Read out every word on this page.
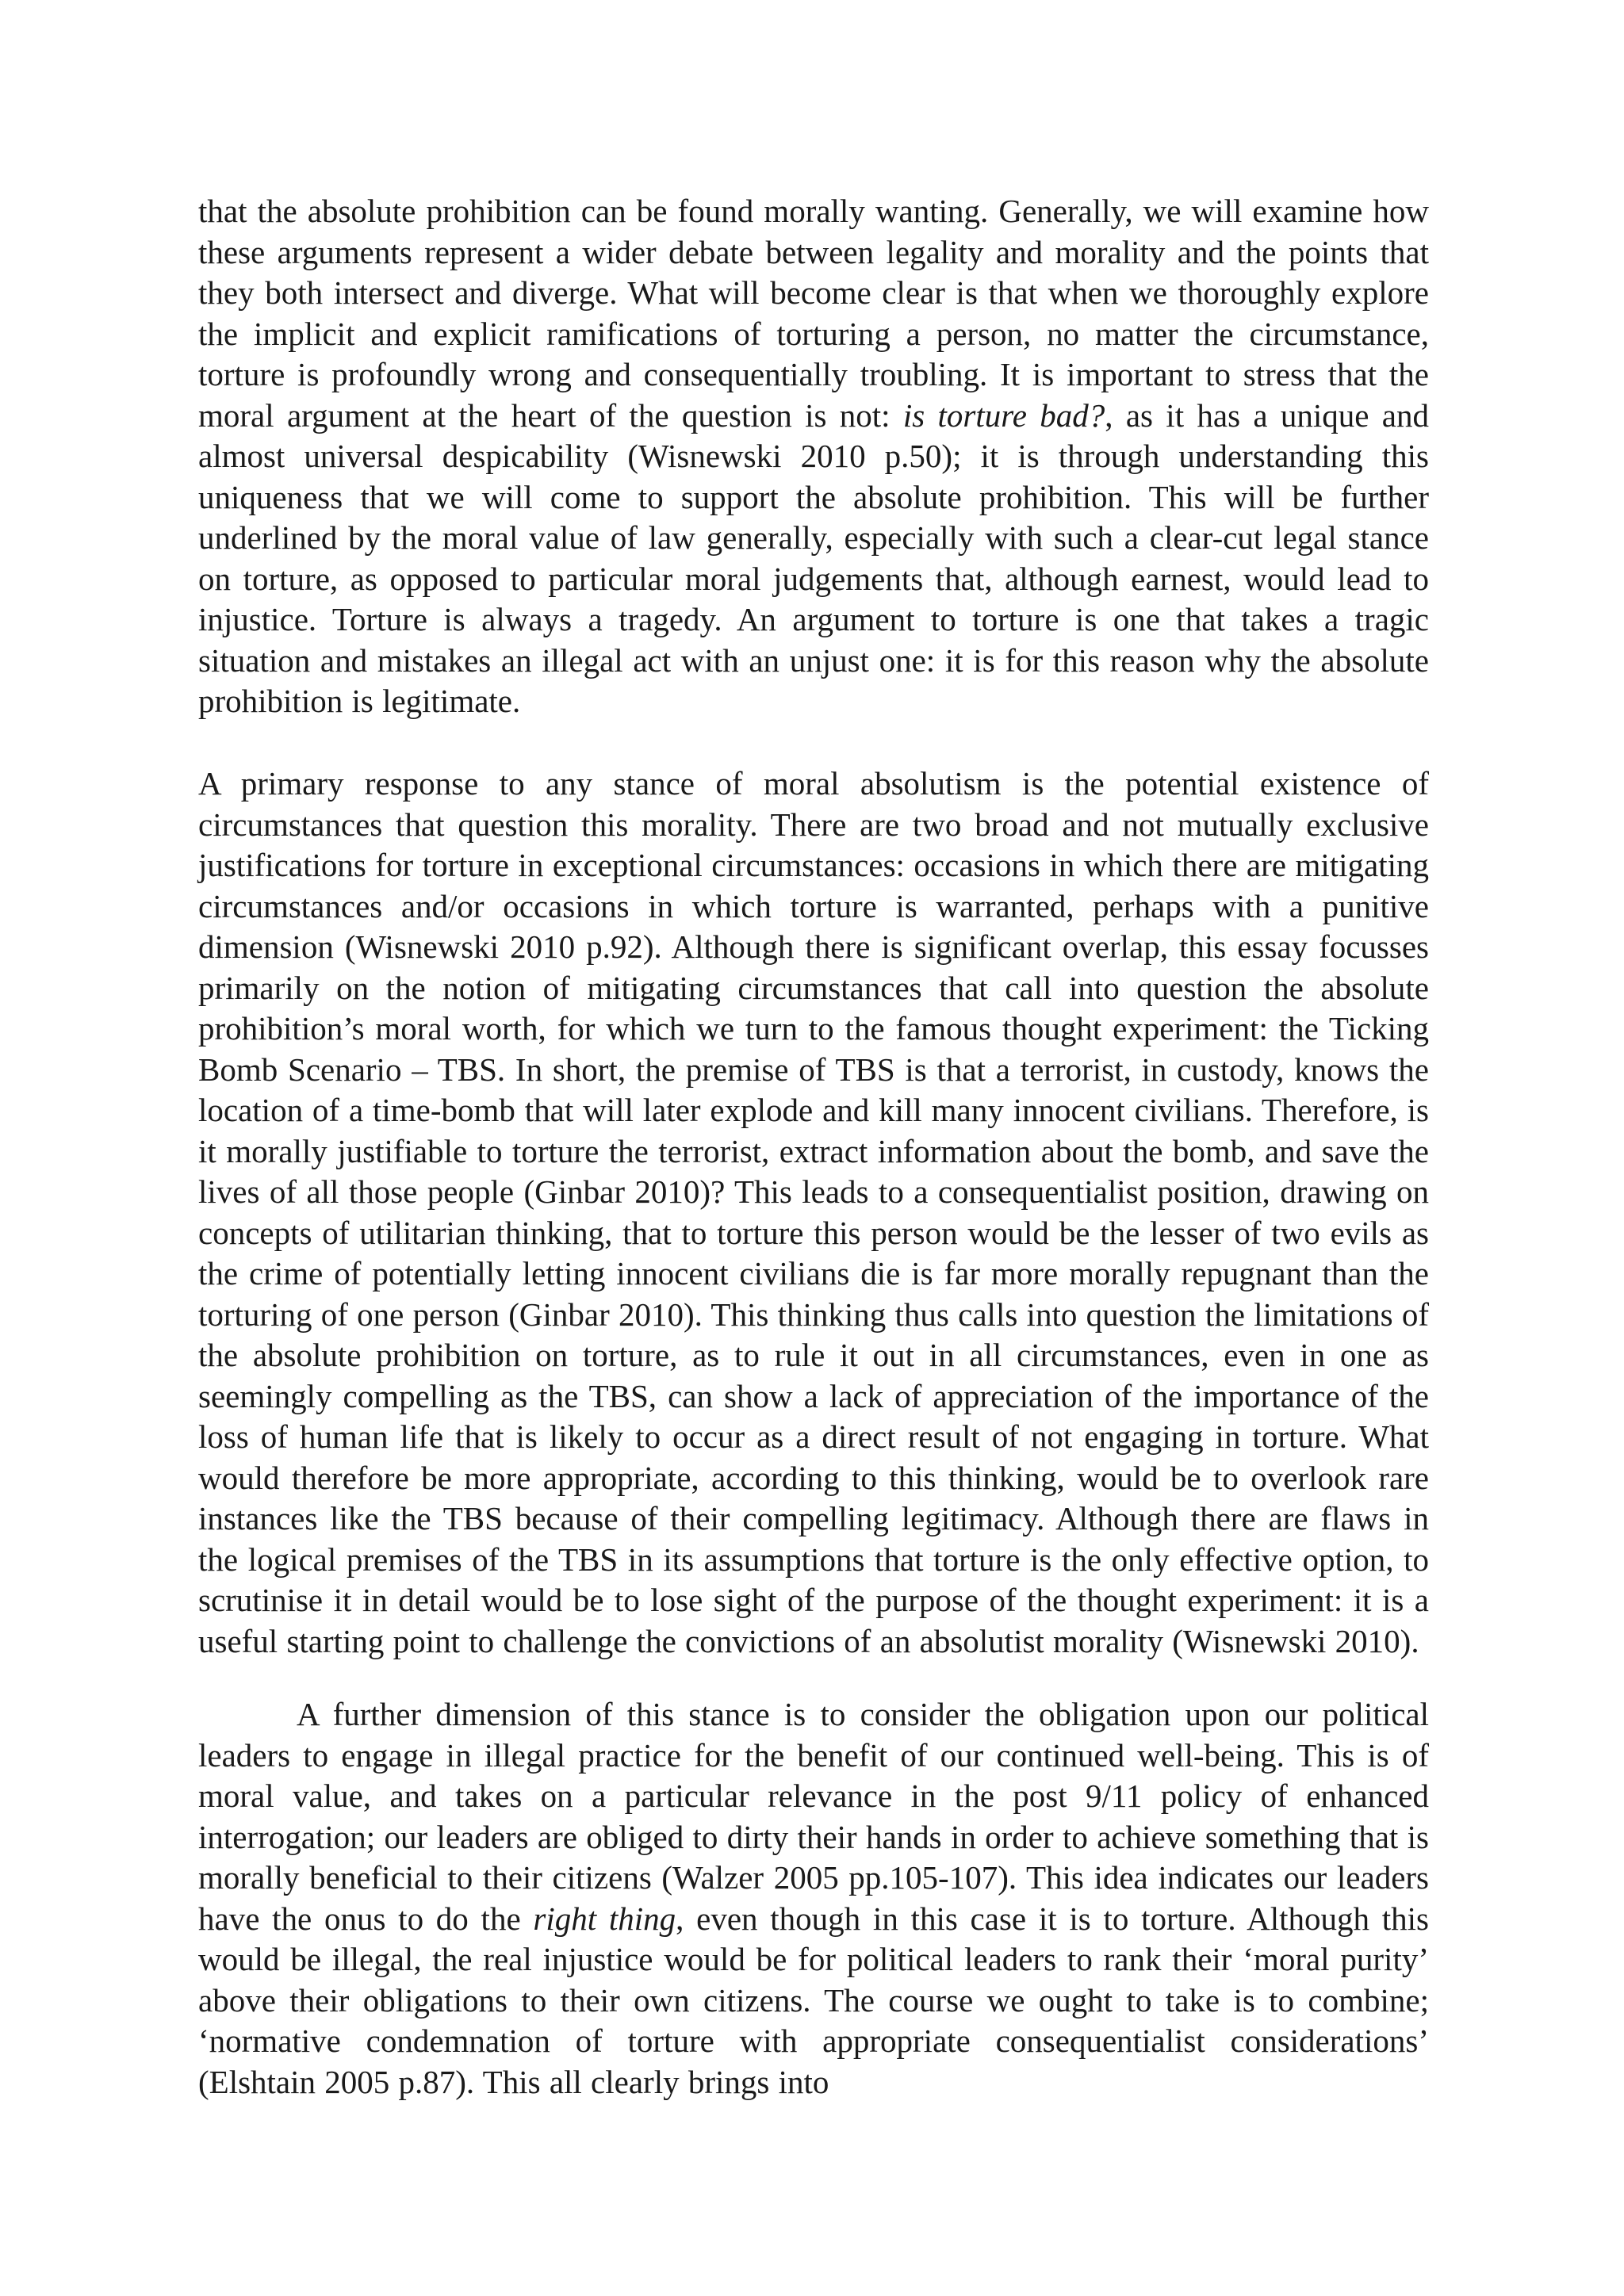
that the absolute prohibition can be found morally wanting. Generally, we will examine how these arguments represent a wider debate between legality and morality and the points that they both intersect and diverge. What will become clear is that when we thoroughly explore the implicit and explicit ramifications of torturing a person, no matter the circumstance, torture is profoundly wrong and consequentially troubling. It is important to stress that the moral argument at the heart of the question is not: is torture bad?, as it has a unique and almost universal despicability (Wisnewski 2010 p.50); it is through understanding this uniqueness that we will come to support the absolute prohibition. This will be further underlined by the moral value of law generally, especially with such a clear-cut legal stance on torture, as opposed to particular moral judgements that, although earnest, would lead to injustice. Torture is always a tragedy. An argument to torture is one that takes a tragic situation and mistakes an illegal act with an unjust one: it is for this reason why the absolute prohibition is legitimate.

A primary response to any stance of moral absolutism is the potential existence of circumstances that question this morality. There are two broad and not mutually exclusive justifications for torture in exceptional circumstances: occasions in which there are mitigating circumstances and/or occasions in which torture is warranted, perhaps with a punitive dimension (Wisnewski 2010 p.92). Although there is significant overlap, this essay focusses primarily on the notion of mitigating circumstances that call into question the absolute prohibition’s moral worth, for which we turn to the famous thought experiment: the Ticking Bomb Scenario – TBS. In short, the premise of TBS is that a terrorist, in custody, knows the location of a time-bomb that will later explode and kill many innocent civilians. Therefore, is it morally justifiable to torture the terrorist, extract information about the bomb, and save the lives of all those people (Ginbar 2010)? This leads to a consequentialist position, drawing on concepts of utilitarian thinking, that to torture this person would be the lesser of two evils as the crime of potentially letting innocent civilians die is far more morally repugnant than the torturing of one person (Ginbar 2010). This thinking thus calls into question the limitations of the absolute prohibition on torture, as to rule it out in all circumstances, even in one as seemingly compelling as the TBS, can show a lack of appreciation of the importance of the loss of human life that is likely to occur as a direct result of not engaging in torture. What would therefore be more appropriate, according to this thinking, would be to overlook rare instances like the TBS because of their compelling legitimacy. Although there are flaws in the logical premises of the TBS in its assumptions that torture is the only effective option, to scrutinise it in detail would be to lose sight of the purpose of the thought experiment: it is a useful starting point to challenge the convictions of an absolutist morality (Wisnewski 2010).

A further dimension of this stance is to consider the obligation upon our political leaders to engage in illegal practice for the benefit of our continued well-being. This is of moral value, and takes on a particular relevance in the post 9/11 policy of enhanced interrogation; our leaders are obliged to dirty their hands in order to achieve something that is morally beneficial to their citizens (Walzer 2005 pp.105-107). This idea indicates our leaders have the onus to do the right thing, even though in this case it is to torture. Although this would be illegal, the real injustice would be for political leaders to rank their ‘moral purity’ above their obligations to their own citizens. The course we ought to take is to combine; ‘normative condemnation of torture with appropriate consequentialist considerations’ (Elshtain 2005 p.87). This all clearly brings into
